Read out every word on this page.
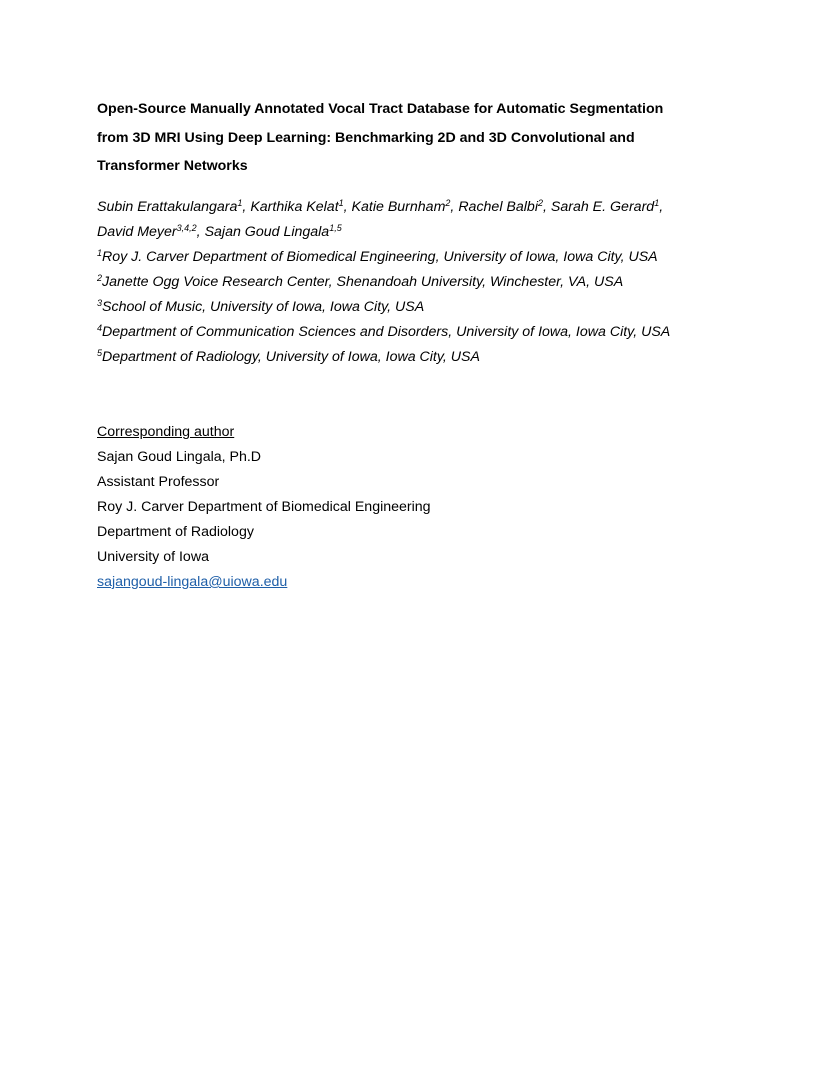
Open-Source Manually Annotated Vocal Tract Database for Automatic Segmentation
from 3D MRI Using Deep Learning: Benchmarking 2D and 3D Convolutional and
Transformer Networks
Subin Erattakulangara$^1$, Karthika Kelat$^1$, Katie Burnham$^2$, Rachel Balbi$^2$, Sarah E. Gerard$^1$,
David Meyer$^{3,4,2}$, Sajan Goud Lingala$^{1,5}$
$^1$Roy J. Carver Department of Biomedical Engineering, University of Iowa, Iowa City, USA
$^2$Janette Ogg Voice Research Center, Shenandoah University, Winchester, VA, USA
$^3$School of Music, University of Iowa, Iowa City, USA
$^4$Department of Communication Sciences and Disorders, University of Iowa, Iowa City, USA
$^5$Department of Radiology, University of Iowa, Iowa City, USA
Corresponding author
Sajan Goud Lingala, Ph.D
Assistant Professor
Roy J. Carver Department of Biomedical Engineering
Department of Radiology
University of Iowa
sajangoud-lingala@uiowa.edu
